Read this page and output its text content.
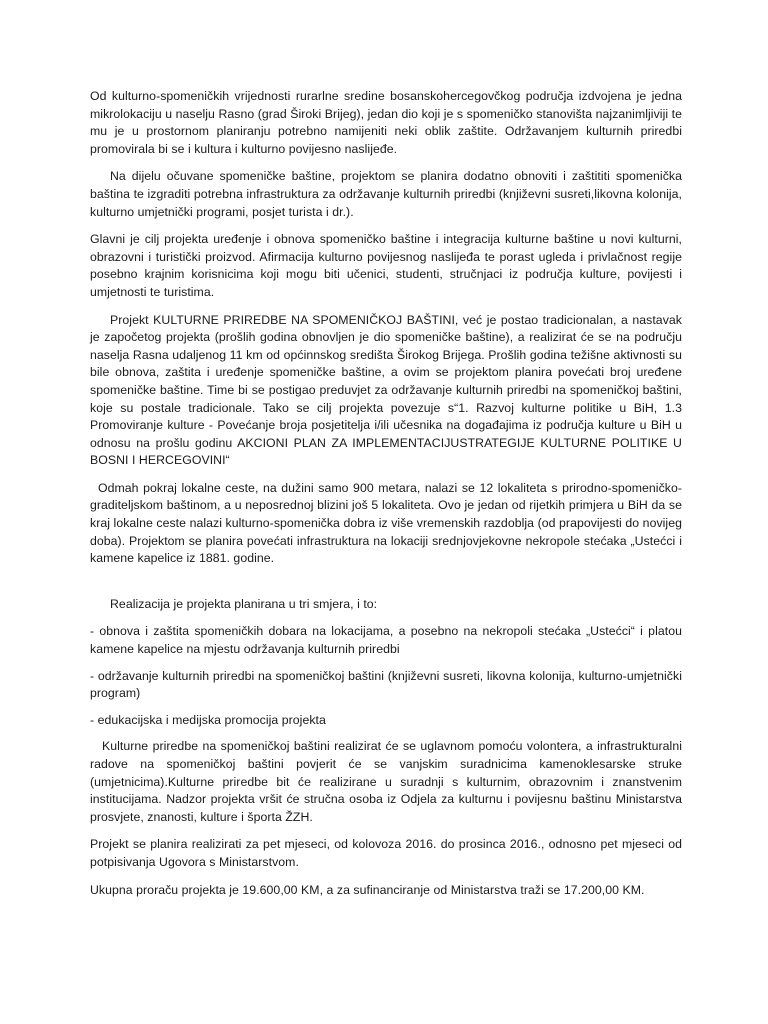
Od kulturno-spomeničkih vrijednosti rurarlne sredine bosanskohercegovčkog područja izdvojena je jedna mikrolokaciju u naselju Rasno (grad Široki Brijeg), jedan dio koji je s spomeničko stanovišta najzanimljiviji te mu je u prostornom planiranju potrebno namijeniti neki oblik zaštite. Održavanjem kulturnih priredbi promovirala bi se i kultura i kulturno povijesno naslijeđe.

Na dijelu očuvane spomeničke baštine, projektom se planira dodatno obnoviti i zaštititi spomenička baština te izgraditi potrebna infrastruktura za održavanje kulturnih priredbi (književni susreti,likovna kolonija, kulturno umjetnički programi, posjet turista i dr.).

Glavni je cilj projekta uređenje i obnova spomeničko baštine i integracija kulturne baštine u novi kulturni, obrazovni i turistički proizvod. Afirmacija kulturno povijesnog naslijeđa te porast ugleda i privlačnost regije posebno krajnim korisnicima koji mogu biti učenici, studenti, stručnjaci iz područja kulture, povijesti i umjetnosti te turistima.

Projekt KULTURNE PRIREDBE NA SPOMENIČKOJ BAŠTINI, već je postao tradicionalan, a nastavak je započetog projekta (prošlih godina obnovljen je dio spomeničke baštine), a realizirat će se na području naselja Rasna udaljenog 11 km od općinnskog središta Širokog Brijega. Prošlih godina težišne aktivnosti su bile obnova, zaštita i uređenje spomeničke baštine, a ovim se projektom planira povećati broj uređene spomeničke baštine. Time bi se postigao preduvjet za održavanje kulturnih priredbi na spomeničkoj baštini, koje su postale tradicionale. Tako se cilj projekta povezuje s“1. Razvoj kulturne politike u BiH, 1.3 Promoviranje kulture - Povećanje broja posjetitelja i/ili učesnika na događajima iz područja kulture u BiH u odnosu na prošlu godinu AKCIONI PLAN ZA IMPLEMENTACIJUSTRATEGIJE KULTURNE POLITIKE U BOSNI I HERCEGOVINI“

Odmah pokraj lokalne ceste, na dužini samo 900 metara, nalazi se 12 lokaliteta s prirodno-spomeničko-graditeljskom baštinom, a u neposrednoj blizini još 5 lokaliteta. Ovo je jedan od rijetkih primjera u BiH da se kraj lokalne ceste nalazi kulturno-spomenička dobra iz više vremenskih razdoblja (od prapovijesti do novijeg doba). Projektom se planira povećati infrastruktura na lokaciji srednjovjekovne nekropole stećaka „Ustećci i kamene kapelice iz 1881. godine.

Realizacija je projekta planirana u tri smjera, i to:

- obnova i zaštita spomeničkih dobara na lokacijama, a posebno na nekropoli stećaka „Ustećci“ i platou kamene kapelice na mjestu održavanja kulturnih priredbi

- održavanje kulturnih priredbi na spomeničkoj baštini (književni susreti, likovna kolonija, kulturno-umjetnički program)

- edukacijska i medijska promocija projekta

Kulturne priredbe na spomeničkoj baštini realizirat će se uglavnom pomoću volontera, a infrastrukturalni radove na spomeničkoj baštini povjerit će se vanjskim suradnicima kamenoklesarske struke (umjetnicima).Kulturne priredbe bit će realizirane u suradnji s kulturnim, obrazovnim i znanstvenim institucijama. Nadzor projekta vršit će stručna osoba iz Odjela za kulturnu i povijesnu baštinu Ministarstva prosvjete, znanosti, kulture i športa ŽZH.

Projekt se planira realizirati za pet mjeseci, od kolovoza 2016. do prosinca 2016., odnosno pet mjeseci od potpisivanja Ugovora s Ministarstvom.

Ukupna proraču projekta je 19.600,00 KM, a za sufinanciranje od Ministarstva traži se 17.200,00 KM.
